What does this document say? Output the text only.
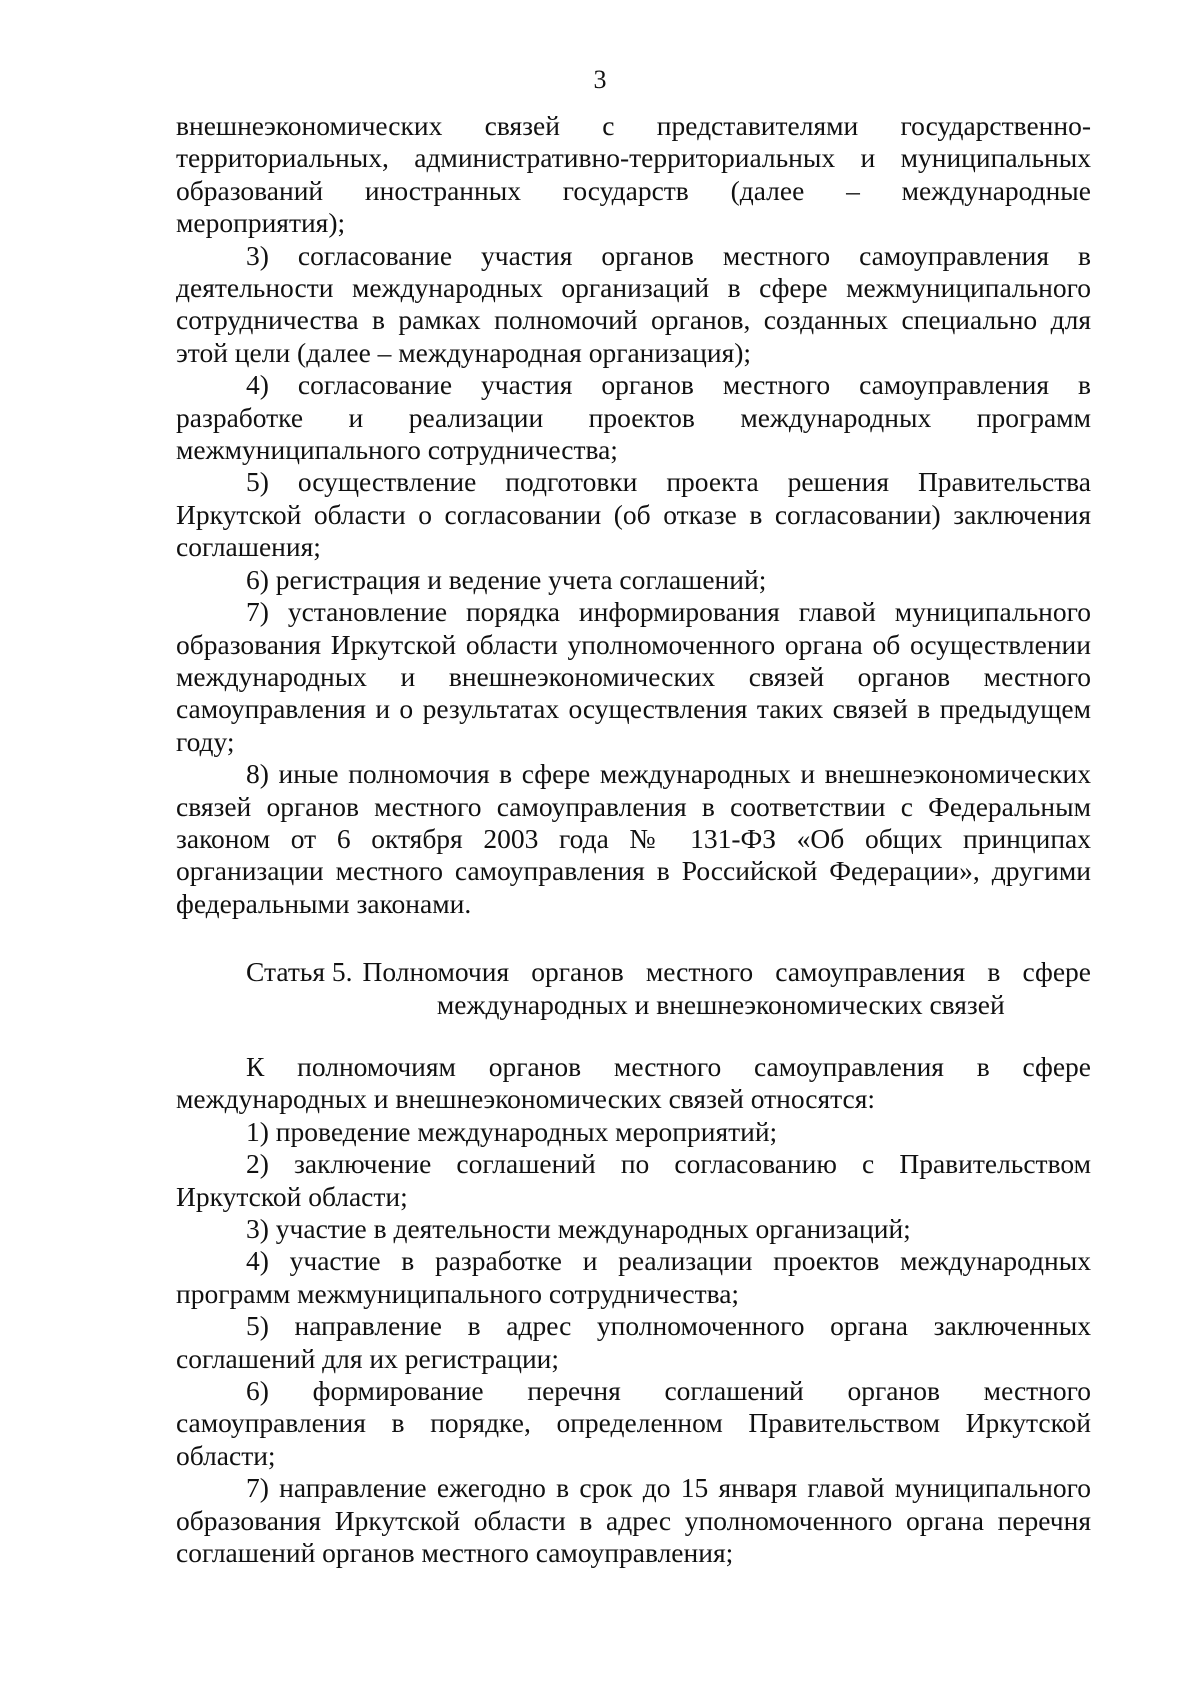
3

внешнеэкономических связей с представителями государственно-территориальных, административно-территориальных и муниципальных образований иностранных государств (далее – международные мероприятия);

3) согласование участия органов местного самоуправления в деятельности международных организаций в сфере межмуниципального сотрудничества в рамках полномочий органов, созданных специально для этой цели (далее – международная организация);

4) согласование участия органов местного самоуправления в разработке и реализации проектов международных программ межмуниципального сотрудничества;

5) осуществление подготовки проекта решения Правительства Иркутской области о согласовании (об отказе в согласовании) заключения соглашения;

6) регистрация и ведение учета соглашений;

7) установление порядка информирования главой муниципального образования Иркутской области уполномоченного органа об осуществлении международных и внешнеэкономических связей органов местного самоуправления и о результатах осуществления таких связей в предыдущем году;

8) иные полномочия в сфере международных и внешнеэкономических связей органов местного самоуправления в соответствии с Федеральным законом от 6 октября 2003 года № 131-ФЗ «Об общих принципах организации местного самоуправления в Российской Федерации», другими федеральными законами.

Статья 5. Полномочия органов местного самоуправления в сфере
международных и внешнеэкономических связей

К полномочиям органов местного самоуправления в сфере международных и внешнеэкономических связей относятся:

1) проведение международных мероприятий;

2) заключение соглашений по согласованию с Правительством Иркутской области;

3) участие в деятельности международных организаций;

4) участие в разработке и реализации проектов международных программ межмуниципального сотрудничества;

5) направление в адрес уполномоченного органа заключенных соглашений для их регистрации;

6) формирование перечня соглашений органов местного самоуправления в порядке, определенном Правительством Иркутской области;

7) направление ежегодно в срок до 15 января главой муниципального образования Иркутской области в адрес уполномоченного органа перечня соглашений органов местного самоуправления;
